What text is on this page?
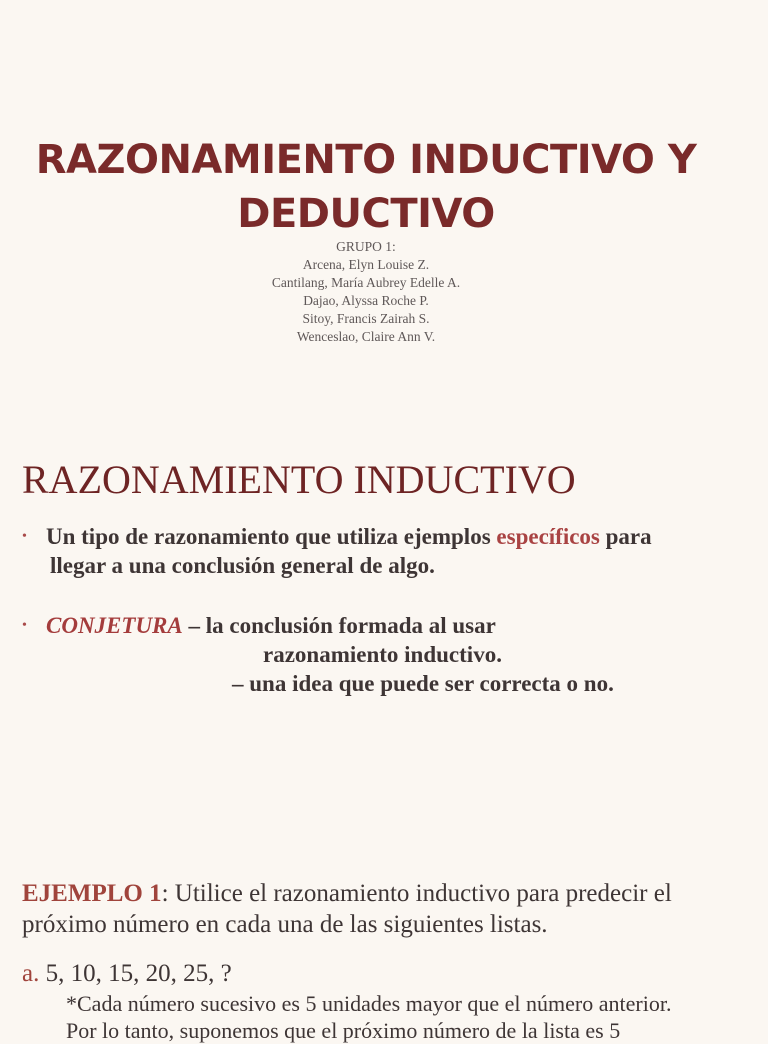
RAZONAMIENTO INDUCTIVO Y
DEDUCTIVO
GRUPO 1:
Arcena, Elyn Louise Z.
Cantilang, María Aubrey Edelle A.
Dajao, Alyssa Roche P.
Sitoy, Francis Zairah S.
Wenceslao, Claire Ann V.
RAZONAMIENTO INDUCTIVO
• Un tipo de razonamiento que utiliza ejemplos específicos para
llegar a una conclusión general de algo.
• CONJETURA – la conclusión formada al usar
razonamiento inductivo.
– una idea que puede ser correcta o no.

EJEMPLO 1: Utilice el razonamiento inductivo para predecir el próximo número en cada una de las siguientes listas.

a. 5, 10, 15, 20, 25, ?
*Cada número sucesivo es 5 unidades mayor que el número anterior.
Por lo tanto, suponemos que el próximo número de la lista es 5
